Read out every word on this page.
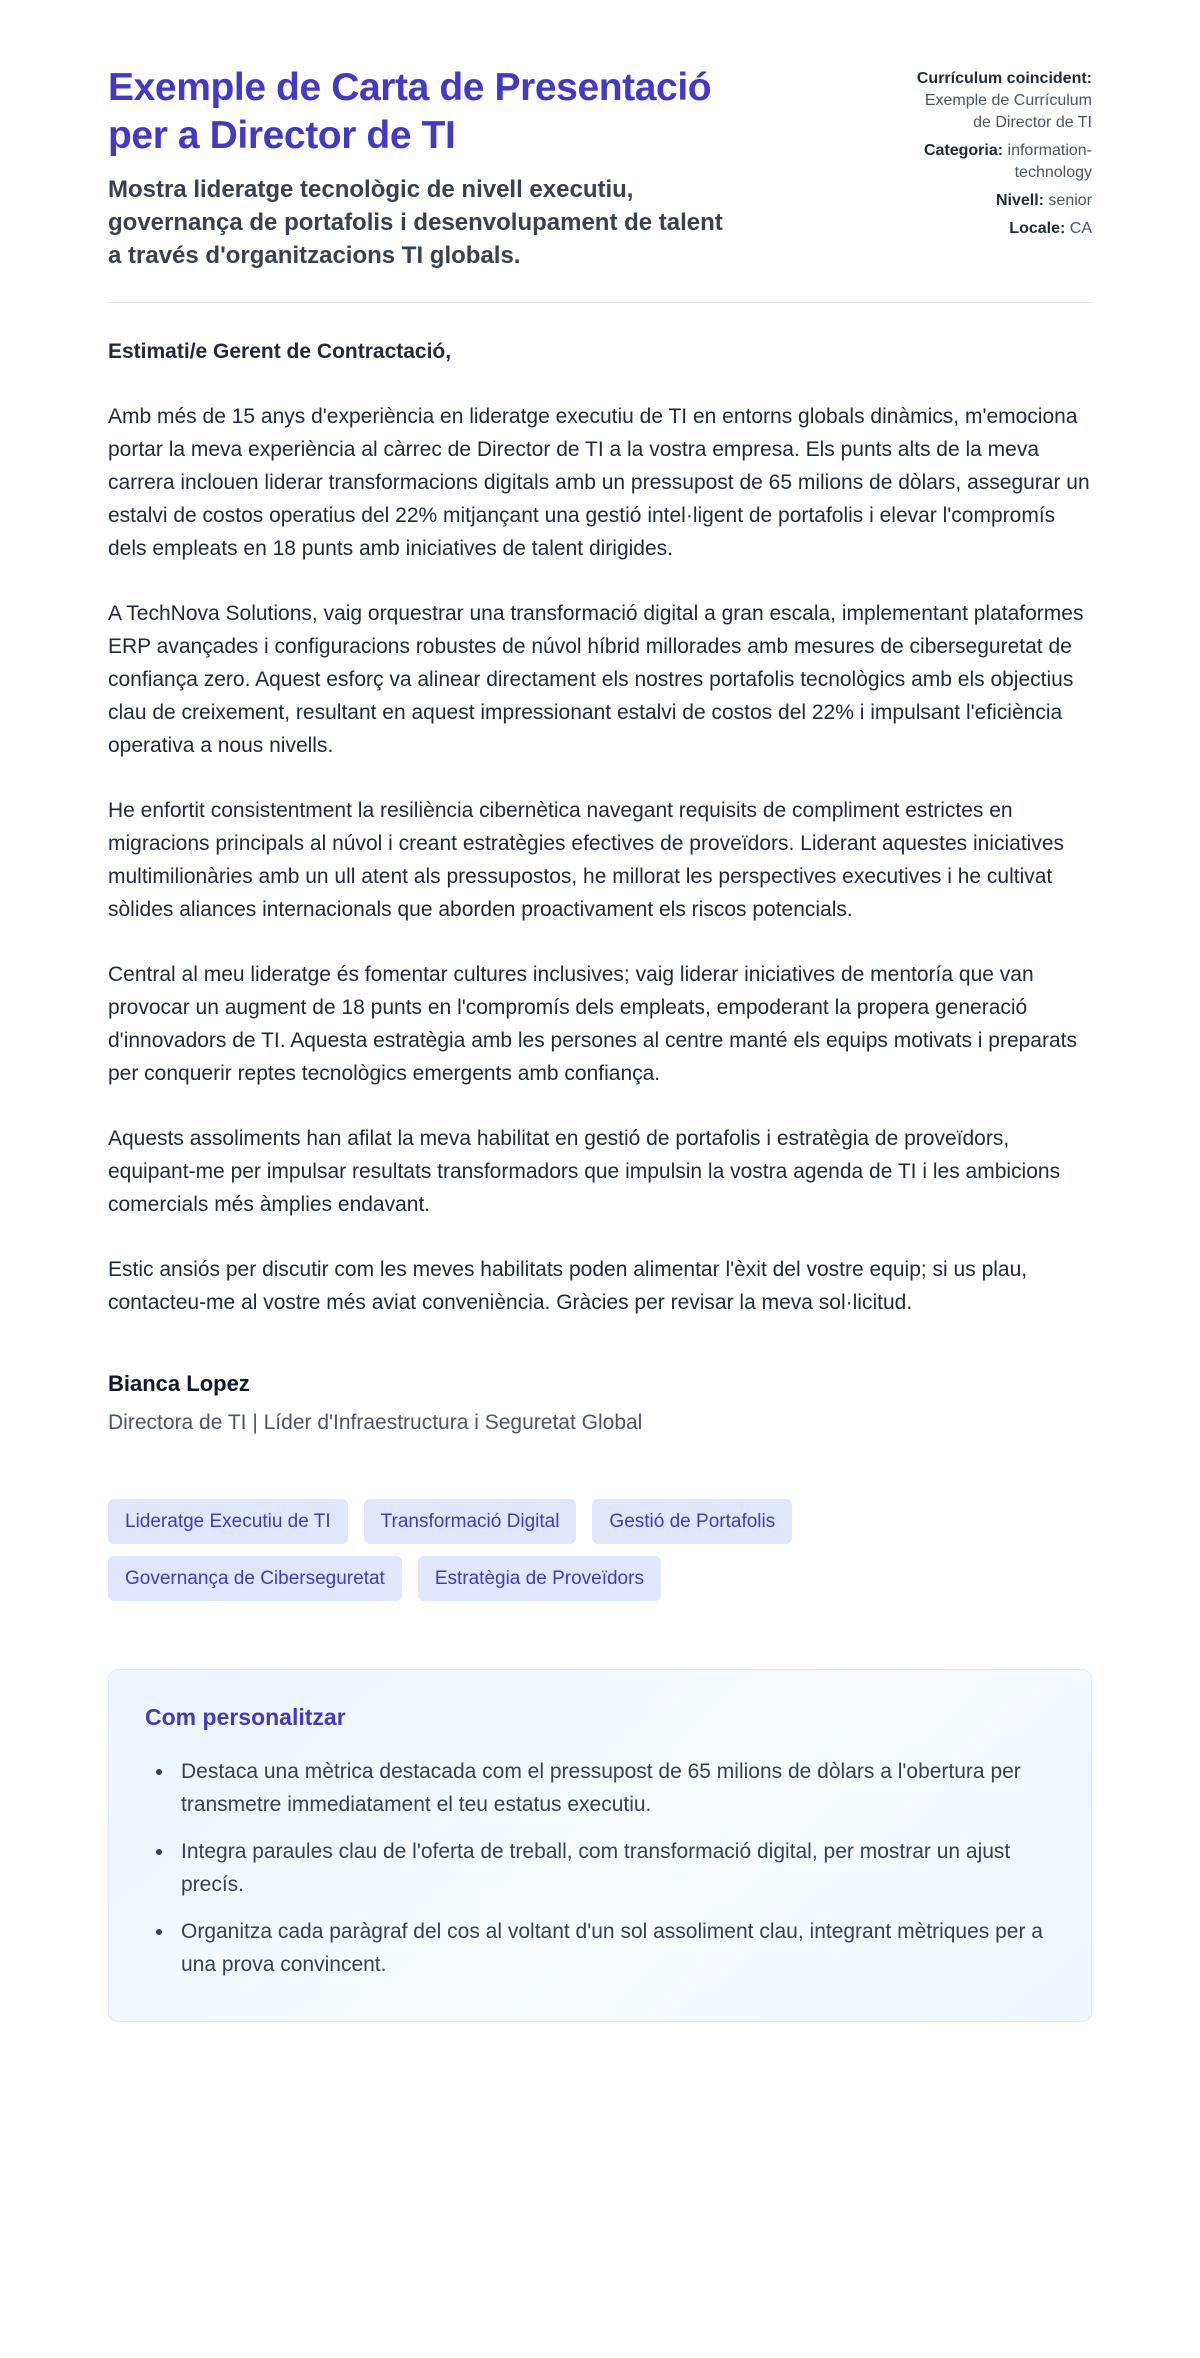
Exemple de Carta de Presentació per a Director de TI

Mostra lideratge tecnològic de nivell executiu, governança de portafolis i desenvolupament de talent a través d'organitzacions TI globals.

Currículum coincident: Exemple de Currículum de Director de TI
Categoria: information-technology
Nivell: senior
Locale: CA

Estimati/e Gerent de Contractació,

Amb més de 15 anys d'experiència en lideratge executiu de TI en entorns globals dinàmics, m'emociona portar la meva experiència al càrrec de Director de TI a la vostra empresa. Els punts alts de la meva carrera inclouen liderar transformacions digitals amb un pressupost de 65 milions de dòlars, assegurar un estalvi de costos operatius del 22% mitjançant una gestió intel·ligent de portafolis i elevar l'compromís dels empleats en 18 punts amb iniciatives de talent dirigides.

A TechNova Solutions, vaig orquestrar una transformació digital a gran escala, implementant plataformes ERP avançades i configuracions robustes de núvol híbrid millorades amb mesures de ciberseguretat de confiança zero. Aquest esforç va alinear directament els nostres portafolis tecnològics amb els objectius clau de creixement, resultant en aquest impressionant estalvi de costos del 22% i impulsant l'eficiència operativa a nous nivells.

He enfortit consistentment la resiliència cibernètica navegant requisits de compliment estrictes en migracions principals al núvol i creant estratègies efectives de proveïdors. Liderant aquestes iniciatives multimilionàries amb un ull atent als pressupostos, he millorat les perspectives executives i he cultivat sòlides aliances internacionals que aborden proactivament els riscos potencials.

Central al meu lideratge és fomentar cultures inclusives; vaig liderar iniciatives de mentoría que van provocar un augment de 18 punts en l'compromís dels empleats, empoderant la propera generació d'innovadors de TI. Aquesta estratègia amb les persones al centre manté els equips motivats i preparats per conquerir reptes tecnològics emergents amb confiança.

Aquests assoliments han afilat la meva habilitat en gestió de portafolis i estratègia de proveïdors, equipant-me per impulsar resultats transformadors que impulsin la vostra agenda de TI i les ambicions comercials més àmplies endavant.

Estic ansiós per discutir com les meves habilitats poden alimentar l'èxit del vostre equip; si us plau, contacteu-me al vostre més aviat conveniència. Gràcies per revisar la meva sol·licitud.

Bianca Lopez
Directora de TI | Líder d'Infraestructura i Seguretat Global
Lideratge Executiu de TI	Transformació Digital	Gestió de Portafolis
Governança de Ciberseguretat	Estratègia de Proveïdors
Com personalitzar
• Destaca una mètrica destacada com el pressupost de 65 milions de dòlars a l'obertura per transmetre immediatament el teu estatus executiu.
• Integra paraules clau de l'oferta de treball, com transformació digital, per mostrar un ajust precís.
• Organitza cada paràgraf del cos al voltant d'un sol assoliment clau, integrant mètriques per a una prova convincent.
